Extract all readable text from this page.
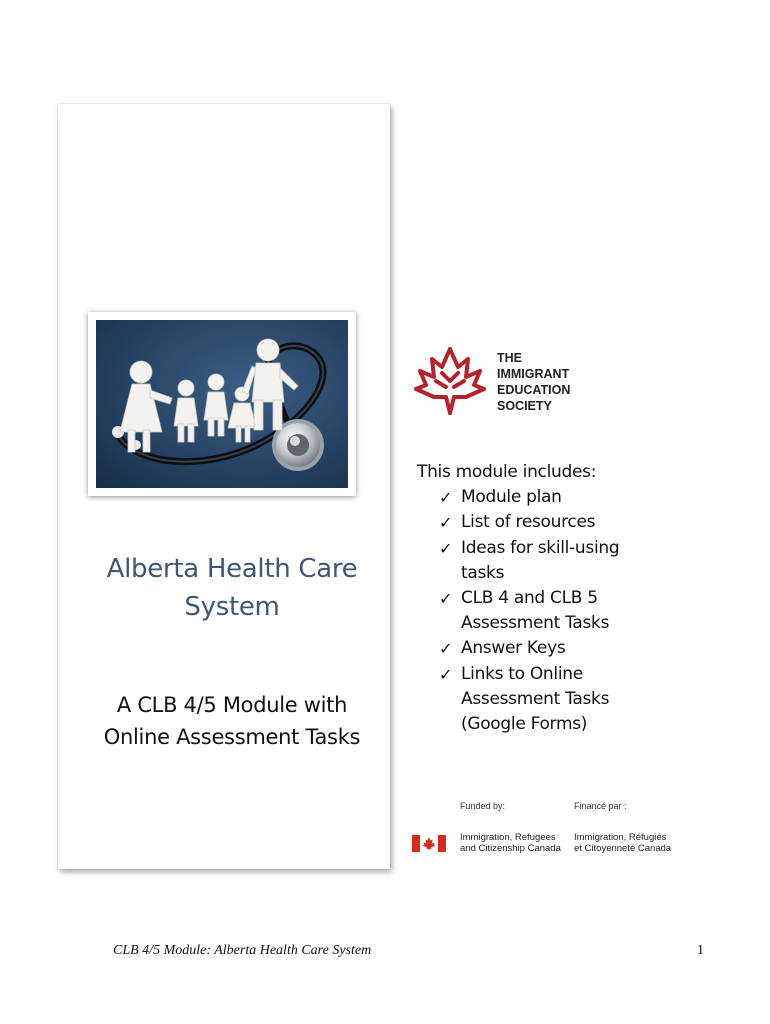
Alberta Health Care
System
A CLB 4/5 Module with
Online Assessment Tasks
THE
IMMIGRANT
EDUCATION
SOCIETY

This module includes:

✓ Module plan
✓ List of resources
✓ Ideas for skill-using tasks
✓ CLB 4 and CLB 5 Assessment Tasks
✓ Answer Keys
✓ Links to Online Assessment Tasks (Google Forms)
Funded by:	Financé par :
Immigration, Refugees
and Citizenship Canada
Immigration, Réfugiés
et Citoyenneté Canada
CLB 4/5 Module: Alberta Health Care System	1
